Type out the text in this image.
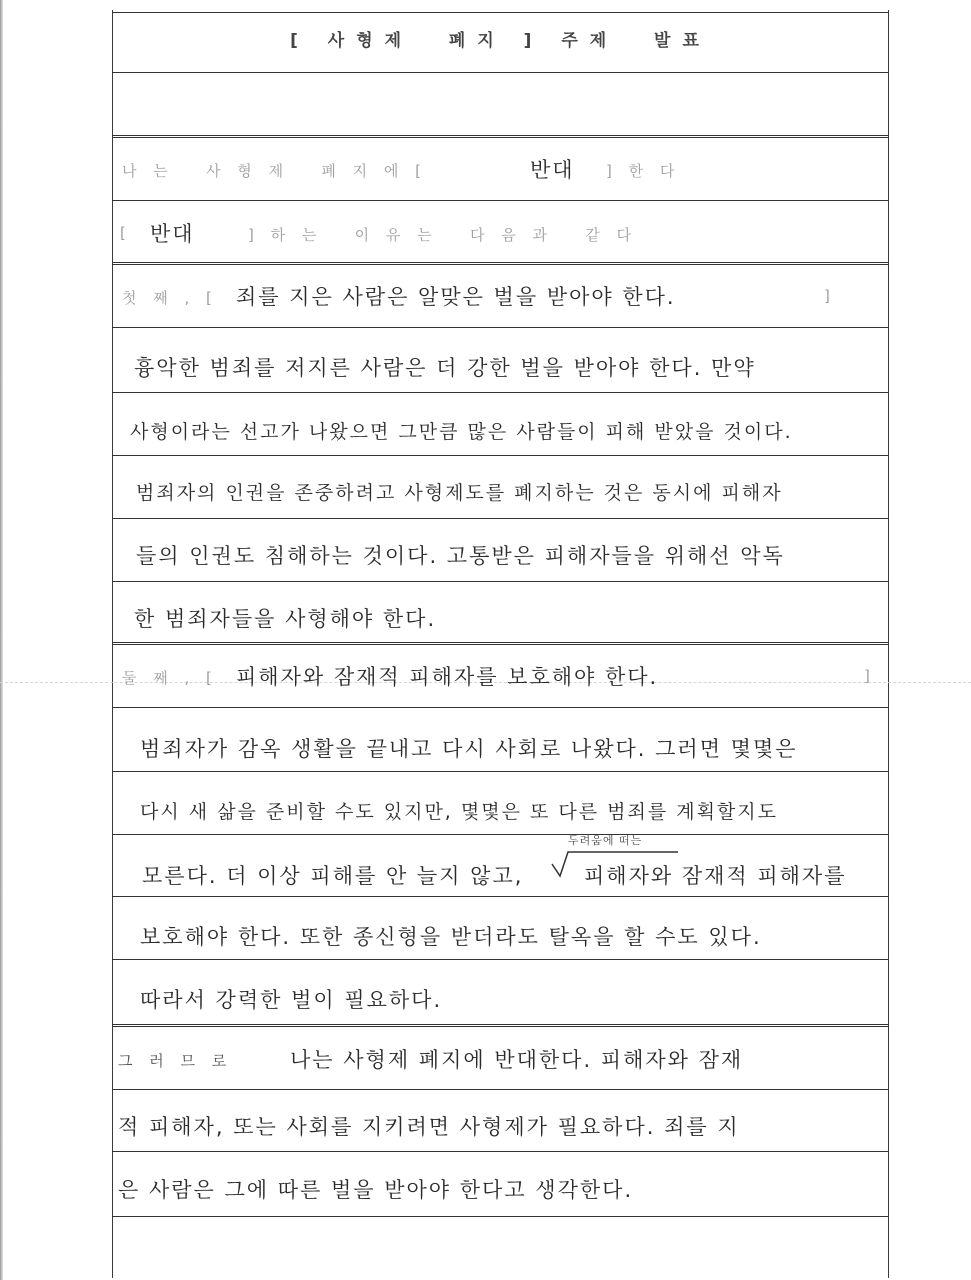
[ 사형제  폐지 ] 주제  발표
나 는   사 형 제   폐 지 에 [	반대 ] 한 다
[ 반대	] 하 는   이 유 는   다 음 과   같 다
첫 째 , [ 죄를 지은 사람은 알맞은 벌을 받아야 한다.	]
흉악한 범죄를 저지른 사람은 더 강한 벌을 받아야 한다. 만약
사형이라는 선고가 나왔으면 그만큼 많은 사람들이 피해 받았을 것이다.
범죄자의 인권을 존중하려고 사형제도를 폐지하는 것은 동시에 피해자
들의 인권도 침해하는 것이다. 고통받은 피해자들을 위해선 악독
한 범죄자들을 사형해야 한다.
둘 째 , [ 피해자와 잠재적 피해자를 보호해야 한다.	]
범죄자가 감옥 생활을 끝내고 다시 사회로 나왔다. 그러면 몇몇은
다시 새 삶을 준비할 수도 있지만, 몇몇은 또 다른 범죄를 계획할지도
두려움에 떠는
모른다. 더 이상 피해를 안 늘지 않고,	피해자와 잠재적 피해자를
보호해야 한다. 또한 종신형을 받더라도 탈옥을 할 수도 있다.
따라서 강력한 벌이 필요하다.
그 러 므 로	나는 사형제 폐지에 반대한다. 피해자와 잠재
적 피해자, 또는 사회를 지키려면 사형제가 필요하다. 죄를 지
은 사람은 그에 따른 벌을 받아야 한다고 생각한다.
